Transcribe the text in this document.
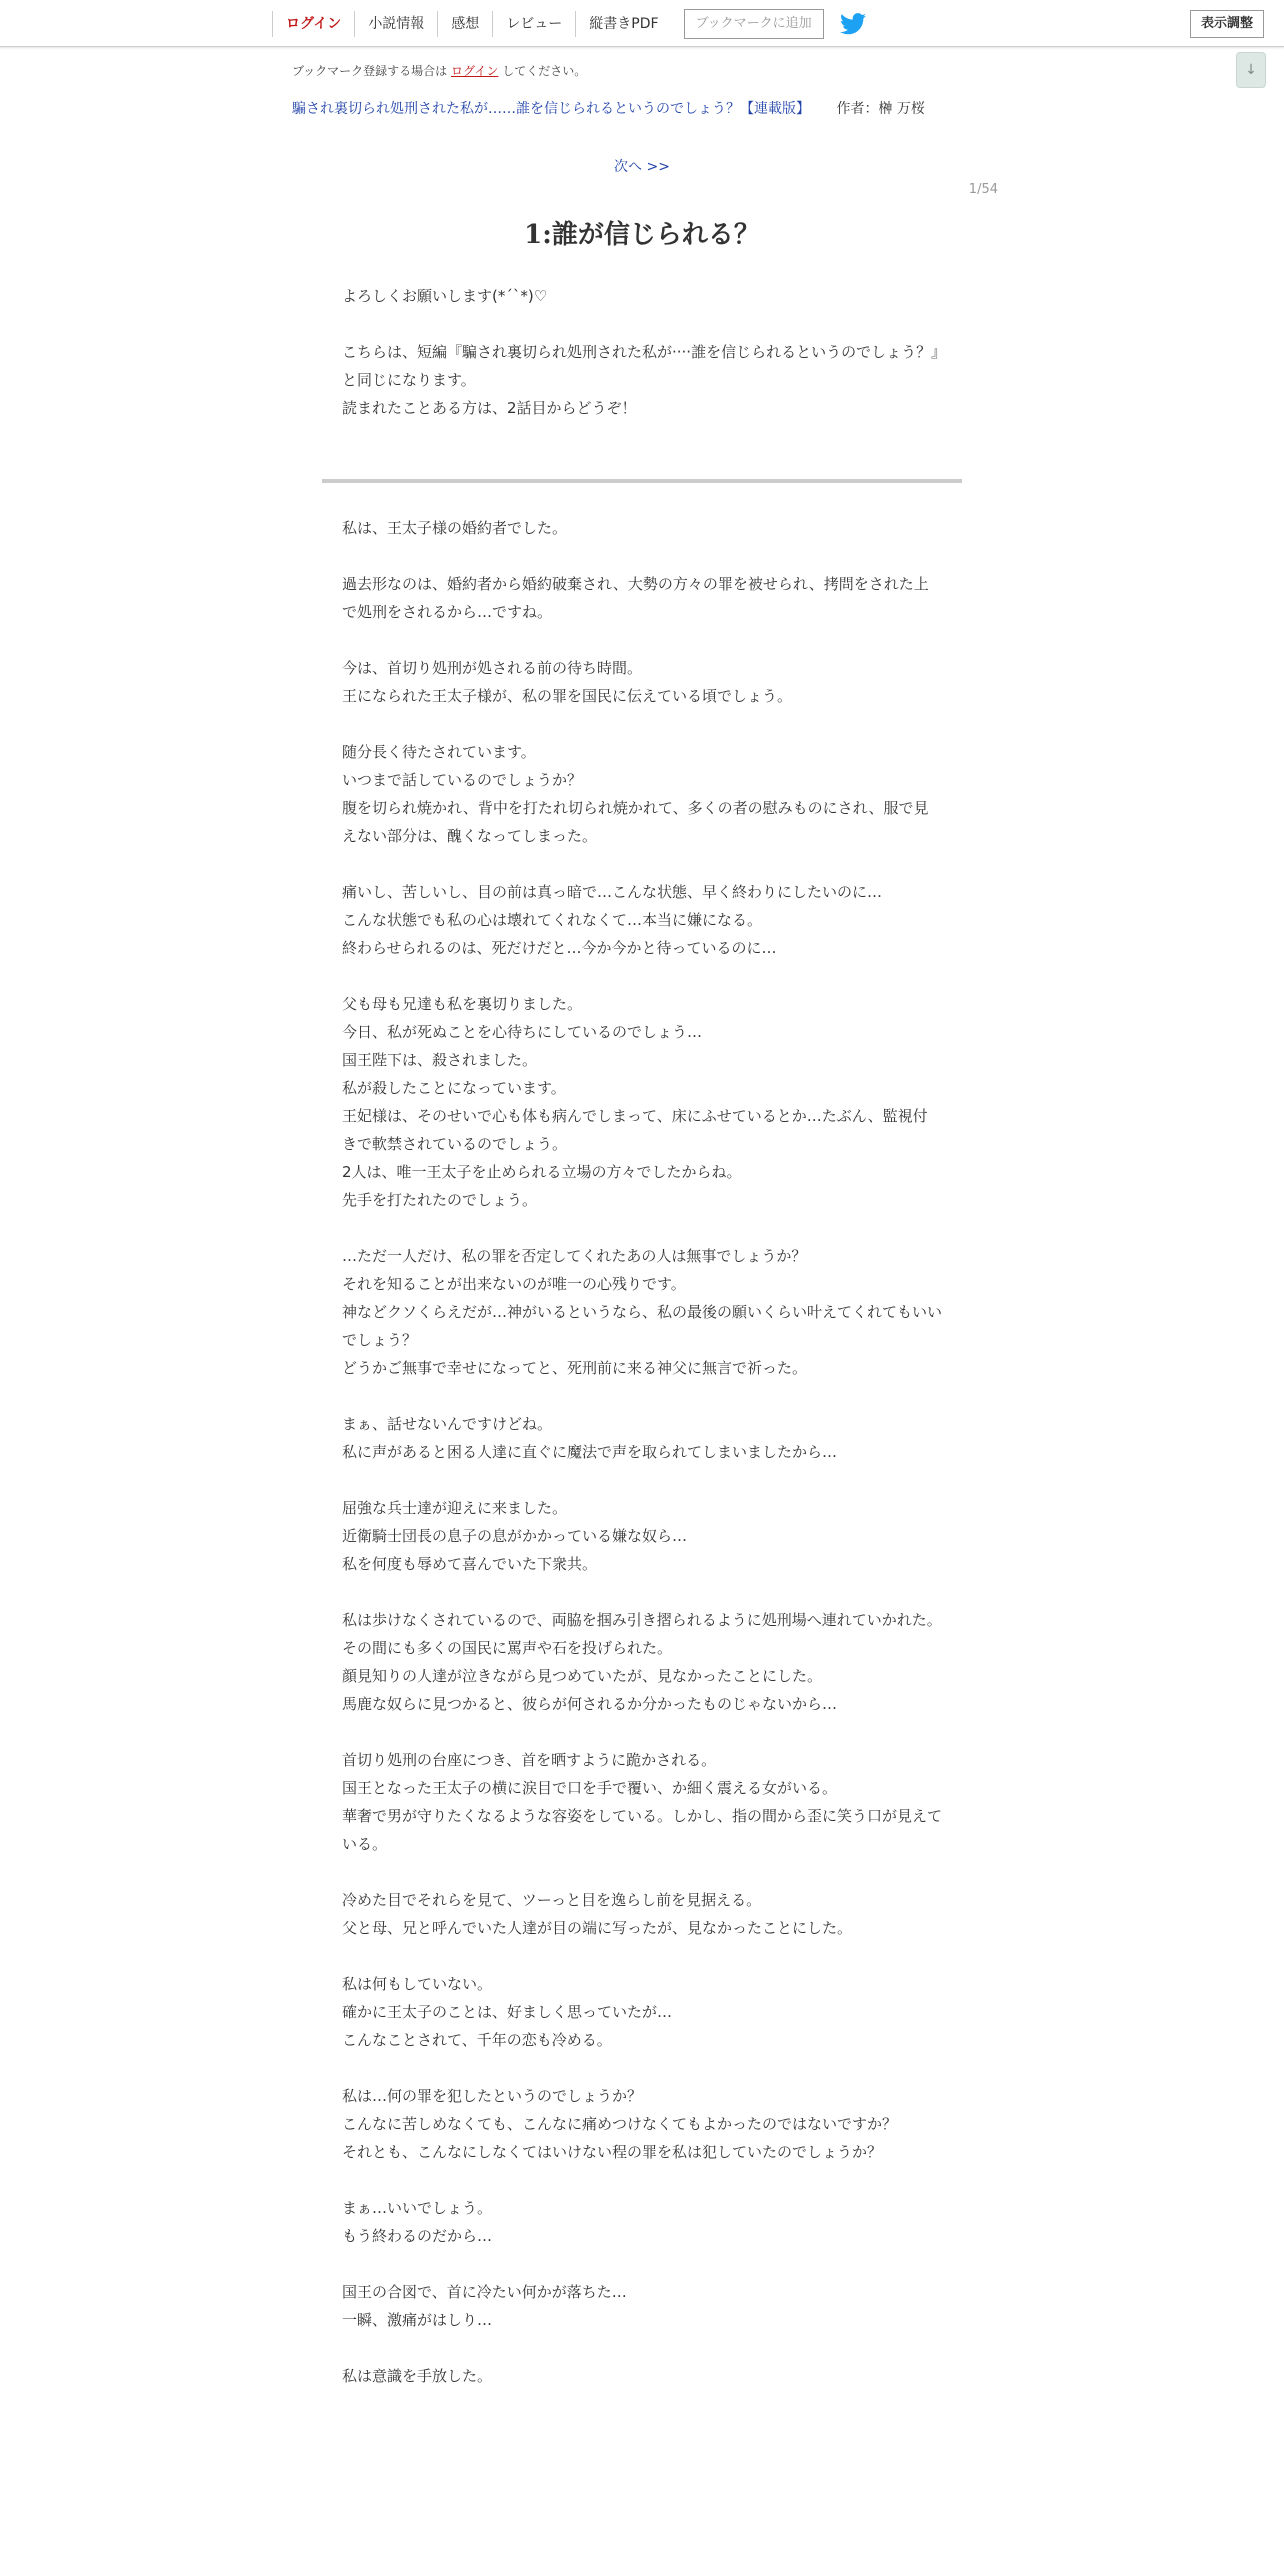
ログイン	小説情報	感想	レビュー	縦書きPDF	ブックマークに追加	表示調整
↓
ブックマーク登録する場合は ログイン してください。
騙され裏切られ処刑された私が……誰を信じられるというのでしょう？【連載版】 作者：榊 万桜
次へ >>
1/54
1:誰が信じられる？

よろしくお願いします(*´`*)♡

こちらは、短編『騙され裏切られ処刑された私が····誰を信じられるというのでしょう？』と同じになります。
読まれたことある方は、2話目からどうぞ！

私は、王太子様の婚約者でした。

過去形なのは、婚約者から婚約破棄され、大勢の方々の罪を被せられ、拷問をされた上で処刑をされるから…ですね。

今は、首切り処刑が処される前の待ち時間。
王になられた王太子様が、私の罪を国民に伝えている頃でしょう。

随分長く待たされています。
いつまで話しているのでしょうか？
腹を切られ焼かれ、背中を打たれ切られ焼かれて、多くの者の慰みものにされ、服で見えない部分は、醜くなってしまった。

痛いし、苦しいし、目の前は真っ暗で…こんな状態、早く終わりにしたいのに…
こんな状態でも私の心は壊れてくれなくて…本当に嫌になる。
終わらせられるのは、死だけだと…今か今かと待っているのに…

父も母も兄達も私を裏切りました。
今日、私が死ぬことを心待ちにしているのでしょう…
国王陛下は、殺されました。
私が殺したことになっています。
王妃様は、そのせいで心も体も病んでしまって、床にふせているとか…たぶん、監視付きで軟禁されているのでしょう。
2人は、唯一王太子を止められる立場の方々でしたからね。
先手を打たれたのでしょう。

…ただ一人だけ、私の罪を否定してくれたあの人は無事でしょうか？
それを知ることが出来ないのが唯一の心残りです。
神などクソくらえだが…神がいるというなら、私の最後の願いくらい叶えてくれてもいいでしょう？
どうかご無事で幸せになってと、死刑前に来る神父に無言で祈った。

まぁ、話せないんですけどね。
私に声があると困る人達に直ぐに魔法で声を取られてしまいましたから…

屈強な兵士達が迎えに来ました。
近衛騎士団長の息子の息がかかっている嫌な奴ら…
私を何度も辱めて喜んでいた下衆共。

私は歩けなくされているので、両脇を掴み引き摺られるように処刑場へ連れていかれた。
その間にも多くの国民に罵声や石を投げられた。
顔見知りの人達が泣きながら見つめていたが、見なかったことにした。
馬鹿な奴らに見つかると、彼らが何されるか分かったものじゃないから…

首切り処刑の台座につき、首を晒すように跪かされる。
国王となった王太子の横に涙目で口を手で覆い、か細く震える女がいる。
華奢で男が守りたくなるような容姿をしている。しかし、指の間から歪に笑う口が見えている。

冷めた目でそれらを見て、ツーっと目を逸らし前を見据える。
父と母、兄と呼んでいた人達が目の端に写ったが、見なかったことにした。

私は何もしていない。
確かに王太子のことは、好ましく思っていたが…
こんなことされて、千年の恋も冷める。

私は…何の罪を犯したというのでしょうか？
こんなに苦しめなくても、こんなに痛めつけなくてもよかったのではないですか？
それとも、こんなにしなくてはいけない程の罪を私は犯していたのでしょうか？

まぁ…いいでしょう。
もう終わるのだから…

国王の合図で、首に冷たい何かが落ちた…
一瞬、激痛がはしり…

私は意識を手放した。
